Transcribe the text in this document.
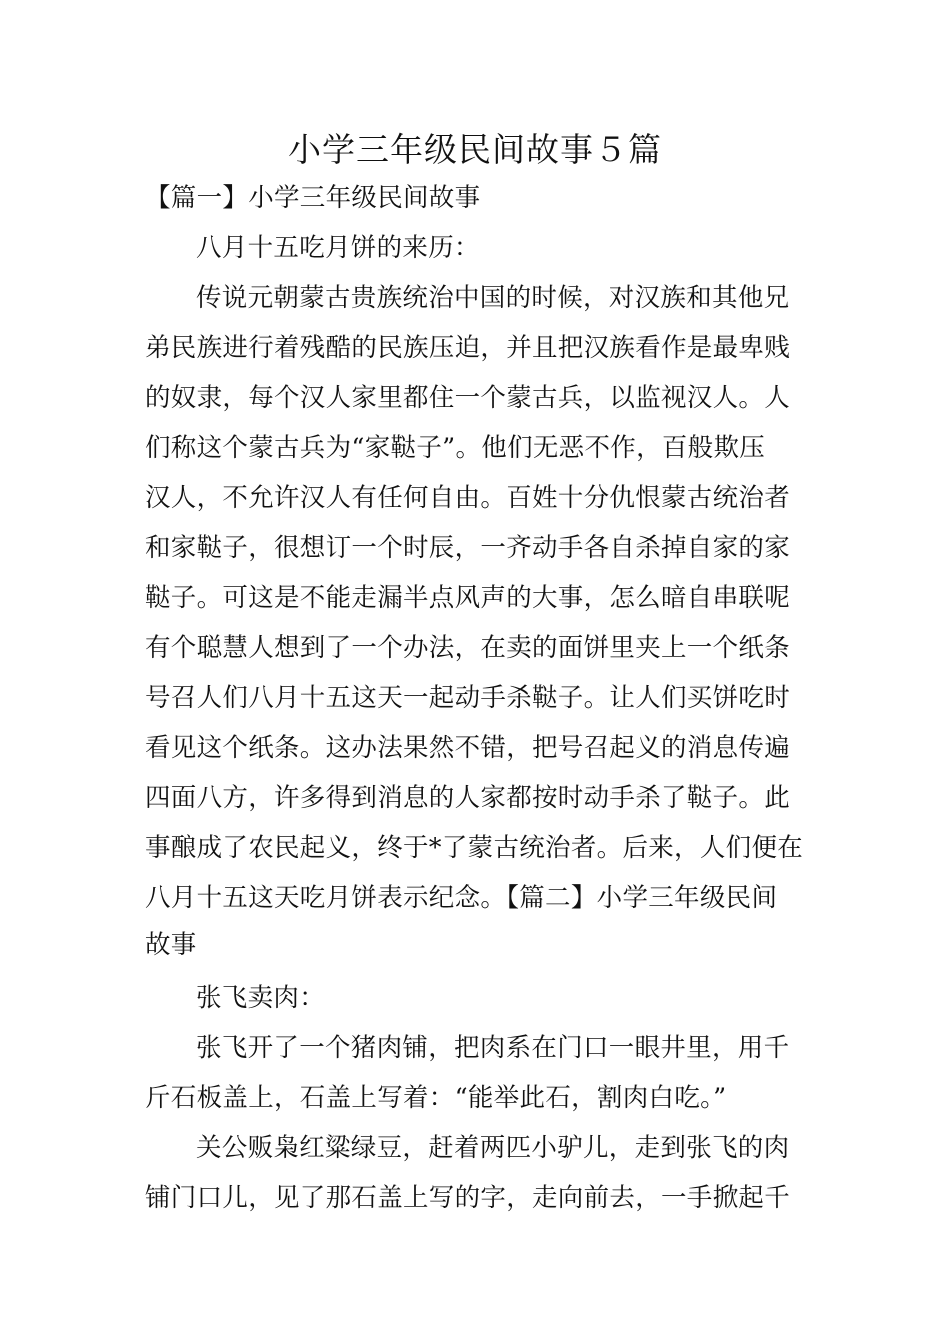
小学三年级民间故事５篇
【篇一】小学三年级民间故事
八月十五吃月饼的来历：
传说元朝蒙古贵族统治中国的时候，对汉族和其他兄
弟民族进行着残酷的民族压迫，并且把汉族看作是最卑贱
的奴隶，每个汉人家里都住一个蒙古兵，以监视汉人。人
们称这个蒙古兵为“家鞑子”。他们无恶不作，百般欺压
汉人，不允许汉人有任何自由。百姓十分仇恨蒙古统治者
和家鞑子，很想订一个时辰，一齐动手各自杀掉自家的家
鞑子。可这是不能走漏半点风声的大事，怎么暗自串联呢
有个聪慧人想到了一个办法，在卖的面饼里夹上一个纸条
号召人们八月十五这天一起动手杀鞑子。让人们买饼吃时
看见这个纸条。这办法果然不错，把号召起义的消息传遍
四面八方，许多得到消息的人家都按时动手杀了鞑子。此
事酿成了农民起义，终于*了蒙古统治者。后来，人们便在
八月十五这天吃月饼表示纪念。【篇二】小学三年级民间
故事
张飞卖肉：
张飞开了一个猪肉铺，把肉系在门口一眼井里，用千
斤石板盖上，石盖上写着：“能举此石，割肉白吃。”
关公贩枭红粱绿豆，赶着两匹小驴儿，走到张飞的肉
铺门口儿，见了那石盖上写的字，走向前去，一手掀起千
